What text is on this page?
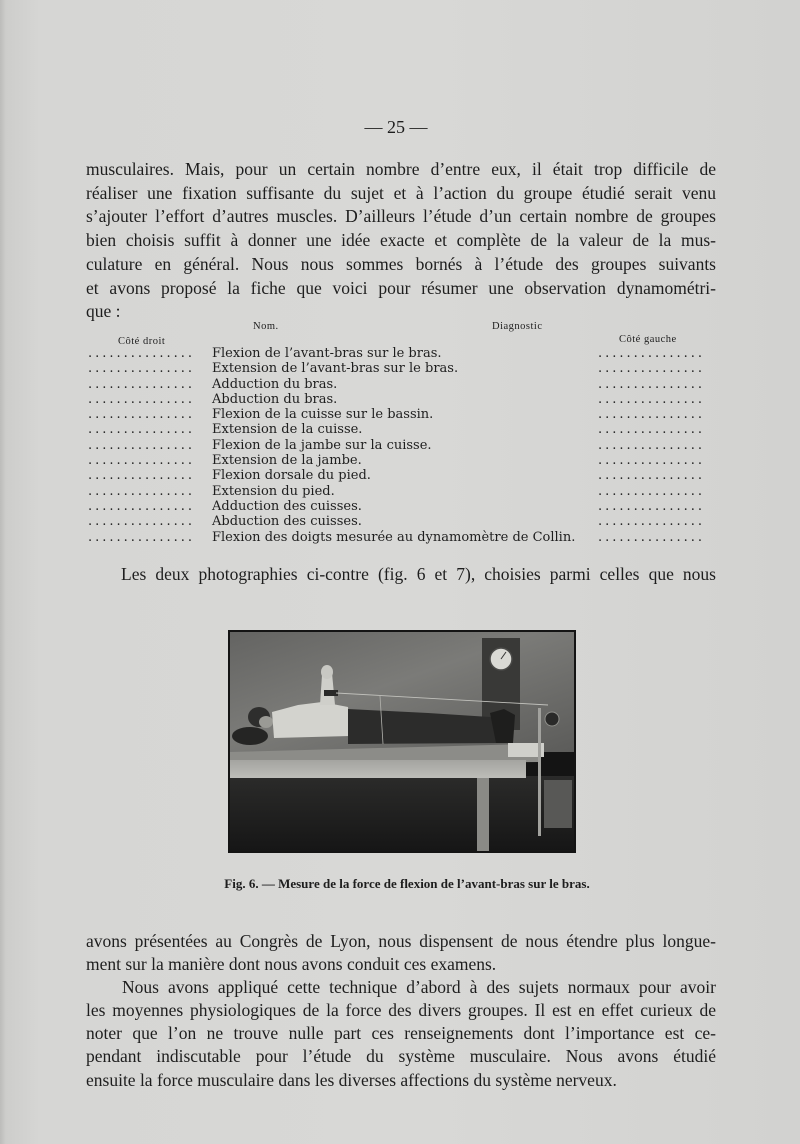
— 25 —
musculaires. Mais, pour un certain nombre d’entre eux, il était trop difficile de
réaliser une fixation suffisante du sujet et à l’action du groupe étudié serait venu
s’ajouter l’effort d’autres muscles. D’ailleurs l’étude d’un certain nombre de groupes
bien choisis suffit à donner une idée exacte et complète de la valeur de la mus-
culature en général. Nous nous sommes bornés à l’étude des groupes suivants
et avons proposé la fiche que voici pour résumer une observation dynamométri-
que :
Côté droit
Nom.	Diagnostic
Côté gauche
............... Flexion de l’avant-bras sur le bras.	...............
............... Extension de l’avant-bras sur le bras.	...............
............... Adduction du bras.	...............
............... Abduction du bras.	...............
............... Flexion de la cuisse sur le bassin.	...............
............... Extension de la cuisse.	...............
............... Flexion de la jambe sur la cuisse.	...............
............... Extension de la jambe.	...............
............... Flexion dorsale du pied.	...............
............... Extension du pied.	...............
............... Adduction des cuisses.	...............
............... Abduction des cuisses.	...............
............... Flexion des doigts mesurée au dynamomètre de Collin. ...............
Les deux photographies ci-contre (fig. 6 et 7), choisies parmi celles que nous
Fig. 6. — Mesure de la force de flexion de l’avant-bras sur le bras.
avons présentées au Congrès de Lyon, nous dispensent de nous étendre plus longue-
ment sur la manière dont nous avons conduit ces examens.
Nous avons appliqué cette technique d’abord à des sujets normaux pour avoir
les moyennes physiologiques de la force des divers groupes. Il est en effet curieux de
noter que l’on ne trouve nulle part ces renseignements dont l’importance est ce-
pendant indiscutable pour l’étude du système musculaire. Nous avons étudié
ensuite la force musculaire dans les diverses affections du système nerveux.
